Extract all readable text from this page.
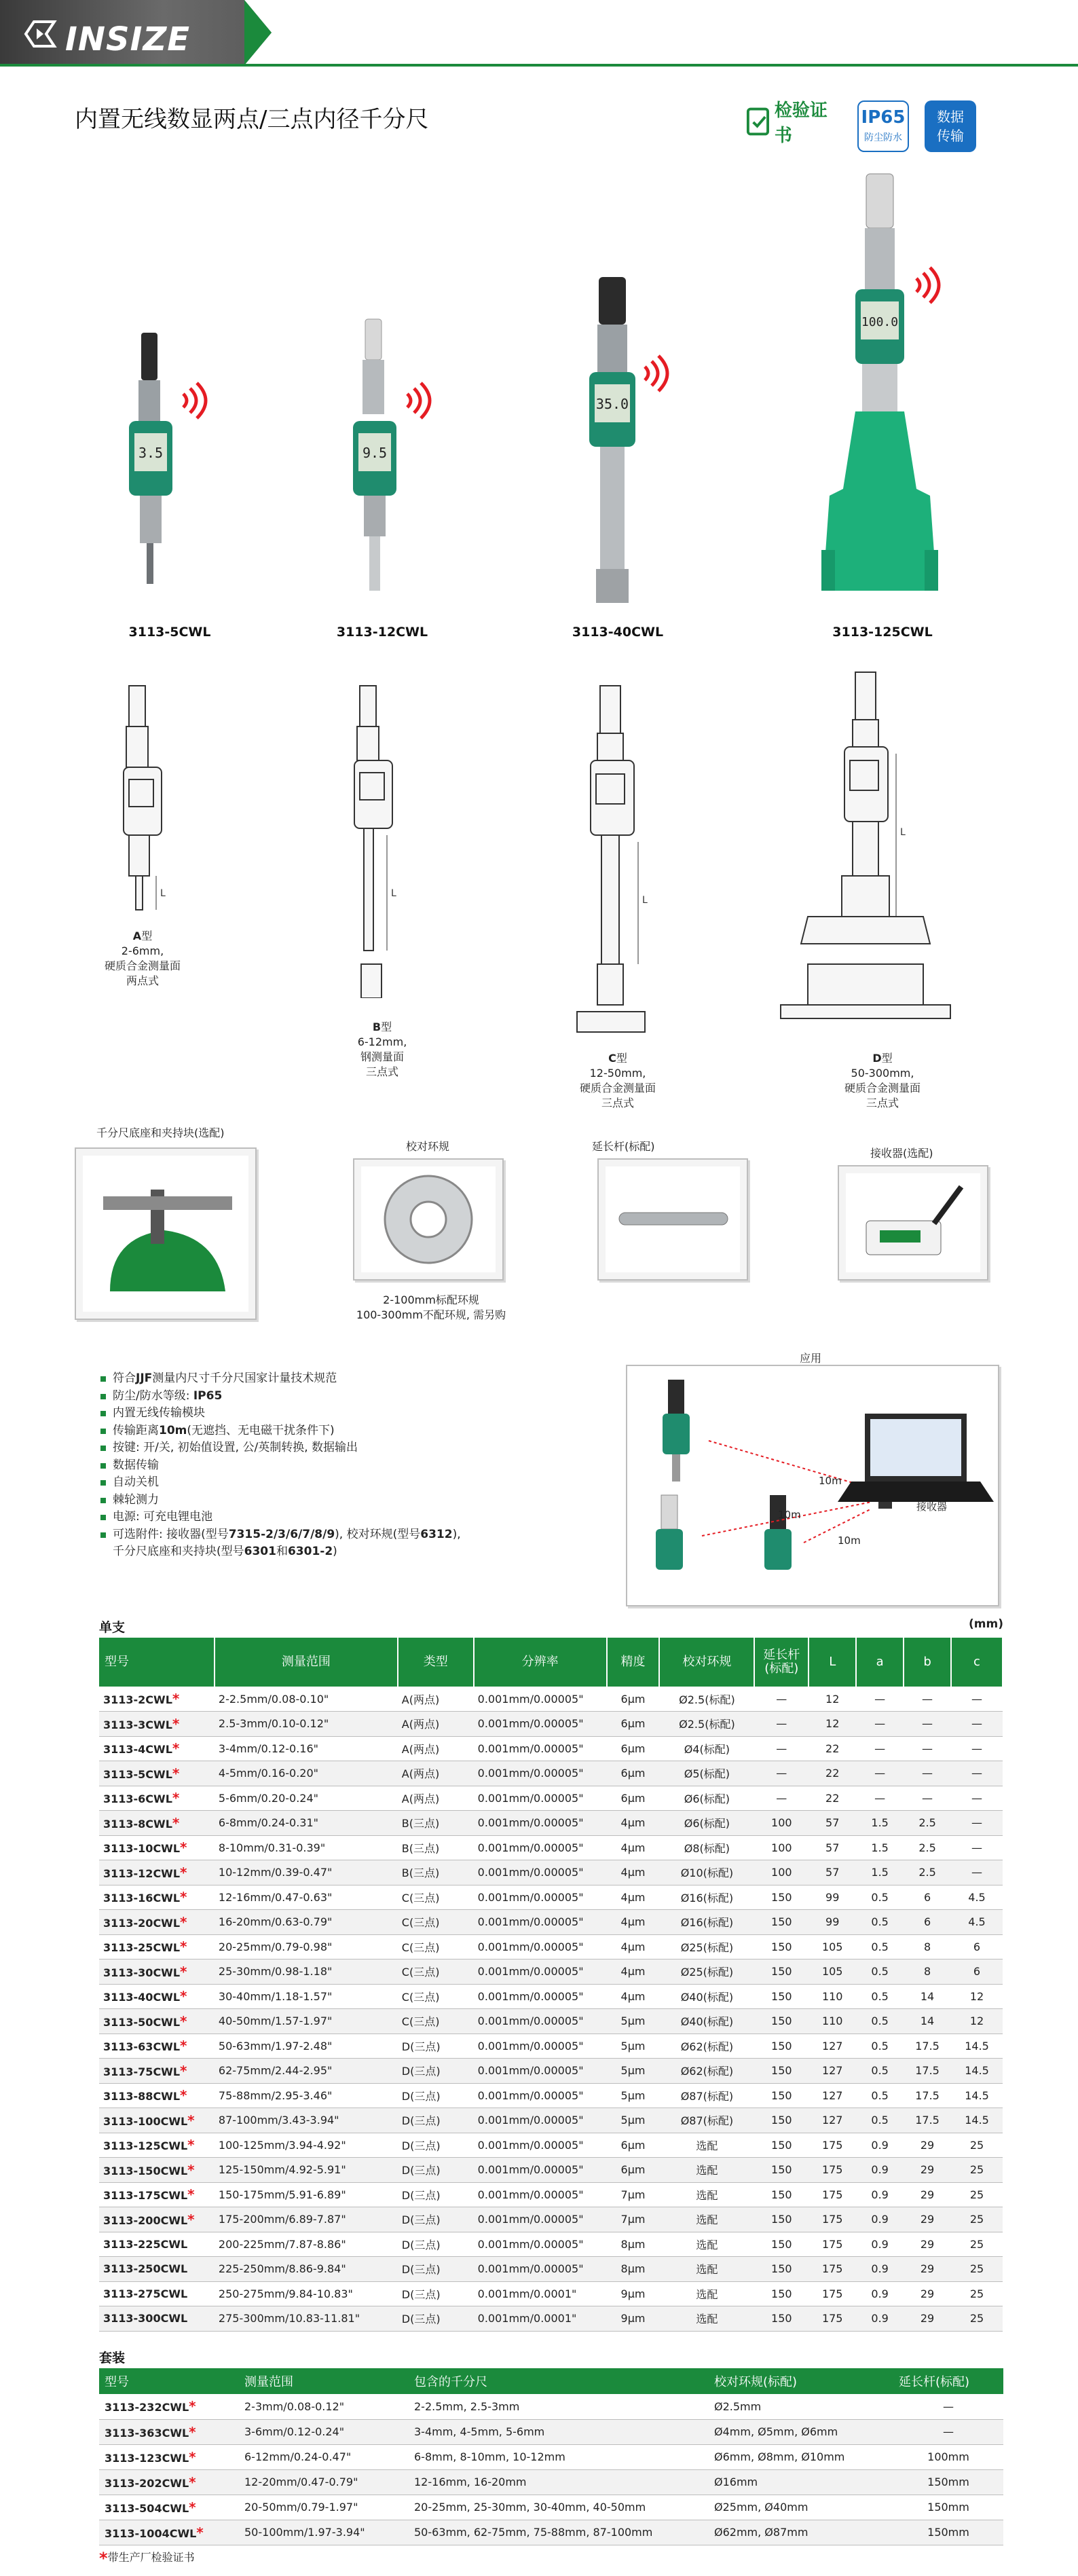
INSIZE
内置无线数显两点/三点内径千分尺	检验证书
IP65
防尘防水
数据
传输
3.5
3113-5CWL
9.5
3113-12CWL
35.0
3113-40CWL
100.0
3113-125CWL
L
A型
2-6mm,
硬质合金测量面
两点式
L
B型
6-12mm,
钢测量面
三点式
L
C型
12-50mm,
硬质合金测量面
三点式
L
D型
50-300mm,
硬质合金测量面
三点式
千分尺底座和夹持块(选配)
校对环规
2-100mm标配环规
100-300mm不配环规, 需另购
延长杆(标配)
接收器(选配)
符合JJF测量内尺寸千分尺国家计量技术规范
防尘/防水等级: IP65
内置无线传输模块
传输距离10m(无遮挡、无电磁干扰条件下)
按键: 开/关, 初始值设置, 公/英制转换, 数据输出
数据传输
自动关机
棘轮测力
电源: 可充电锂电池
可选附件: 接收器(型号7315-2/3/6/7/8/9), 校对环规(型号6312),
千分尺底座和夹持块(型号6301和6301-2)
应用
10m
10m
10m
接收器
单支	(mm)
型号	测量范围	类型	分辨率	精度	校对环规	延长杆
(标配)	L	a	b	c
3113-2CWL*	2-2.5mm/0.08-0.10"	A(两点)	0.001mm/0.00005"	6μm	Ø2.5(标配)	—	12	—	—	—
3113-3CWL*	2.5-3mm/0.10-0.12"	A(两点)	0.001mm/0.00005"	6μm	Ø2.5(标配)	—	12	—	—	—
3113-4CWL*	3-4mm/0.12-0.16"	A(两点)	0.001mm/0.00005"	6μm	Ø4(标配)	—	22	—	—	—
3113-5CWL*	4-5mm/0.16-0.20"	A(两点)	0.001mm/0.00005"	6μm	Ø5(标配)	—	22	—	—	—
3113-6CWL*	5-6mm/0.20-0.24"	A(两点)	0.001mm/0.00005"	6μm	Ø6(标配)	—	22	—	—	—
3113-8CWL*	6-8mm/0.24-0.31"	B(三点)	0.001mm/0.00005"	4μm	Ø6(标配)	100	57	1.5	2.5	—
3113-10CWL*	8-10mm/0.31-0.39"	B(三点)	0.001mm/0.00005"	4μm	Ø8(标配)	100	57	1.5	2.5	—
3113-12CWL*	10-12mm/0.39-0.47"	B(三点)	0.001mm/0.00005"	4μm	Ø10(标配)	100	57	1.5	2.5	—
3113-16CWL*	12-16mm/0.47-0.63"	C(三点)	0.001mm/0.00005"	4μm	Ø16(标配)	150	99	0.5	6	4.5
3113-20CWL*	16-20mm/0.63-0.79"	C(三点)	0.001mm/0.00005"	4μm	Ø16(标配)	150	99	0.5	6	4.5
3113-25CWL*	20-25mm/0.79-0.98"	C(三点)	0.001mm/0.00005"	4μm	Ø25(标配)	150	105	0.5	8	6
3113-30CWL*	25-30mm/0.98-1.18"	C(三点)	0.001mm/0.00005"	4μm	Ø25(标配)	150	105	0.5	8	6
3113-40CWL*	30-40mm/1.18-1.57"	C(三点)	0.001mm/0.00005"	4μm	Ø40(标配)	150	110	0.5	14	12
3113-50CWL*	40-50mm/1.57-1.97"	C(三点)	0.001mm/0.00005"	5μm	Ø40(标配)	150	110	0.5	14	12
3113-63CWL*	50-63mm/1.97-2.48"	D(三点)	0.001mm/0.00005"	5μm	Ø62(标配)	150	127	0.5	17.5	14.5
3113-75CWL*	62-75mm/2.44-2.95"	D(三点)	0.001mm/0.00005"	5μm	Ø62(标配)	150	127	0.5	17.5	14.5
3113-88CWL*	75-88mm/2.95-3.46"	D(三点)	0.001mm/0.00005"	5μm	Ø87(标配)	150	127	0.5	17.5	14.5
3113-100CWL*	87-100mm/3.43-3.94"	D(三点)	0.001mm/0.00005"	5μm	Ø87(标配)	150	127	0.5	17.5	14.5
3113-125CWL*	100-125mm/3.94-4.92"	D(三点)	0.001mm/0.00005"	6μm	选配	150	175	0.9	29	25
3113-150CWL*	125-150mm/4.92-5.91"	D(三点)	0.001mm/0.00005"	6μm	选配	150	175	0.9	29	25
3113-175CWL*	150-175mm/5.91-6.89"	D(三点)	0.001mm/0.00005"	7μm	选配	150	175	0.9	29	25
3113-200CWL*	175-200mm/6.89-7.87"	D(三点)	0.001mm/0.00005"	7μm	选配	150	175	0.9	29	25
3113-225CWL	200-225mm/7.87-8.86"	D(三点)	0.001mm/0.00005"	8μm	选配	150	175	0.9	29	25
3113-250CWL	225-250mm/8.86-9.84"	D(三点)	0.001mm/0.00005"	8μm	选配	150	175	0.9	29	25
3113-275CWL	250-275mm/9.84-10.83"	D(三点)	0.001mm/0.0001"	9μm	选配	150	175	0.9	29	25
3113-300CWL	275-300mm/10.83-11.81"	D(三点)	0.001mm/0.0001"	9μm	选配	150	175	0.9	29	25
套装
型号	测量范围	包含的千分尺	校对环规(标配)	延长杆(标配)
3113-232CWL*	2-3mm/0.08-0.12"	2-2.5mm, 2.5-3mm	Ø2.5mm	—
3113-363CWL*	3-6mm/0.12-0.24"	3-4mm, 4-5mm, 5-6mm	Ø4mm, Ø5mm, Ø6mm	—
3113-123CWL*	6-12mm/0.24-0.47"	6-8mm, 8-10mm, 10-12mm	Ø6mm, Ø8mm, Ø10mm	100mm
3113-202CWL*	12-20mm/0.47-0.79"	12-16mm, 16-20mm	Ø16mm	150mm
3113-504CWL*	20-50mm/0.79-1.97"	20-25mm, 25-30mm, 30-40mm, 40-50mm	Ø25mm, Ø40mm	150mm
3113-1004CWL*	50-100mm/1.97-3.94"	50-63mm, 62-75mm, 75-88mm, 87-100mm	Ø62mm, Ø87mm	150mm
*带生产厂检验证书
